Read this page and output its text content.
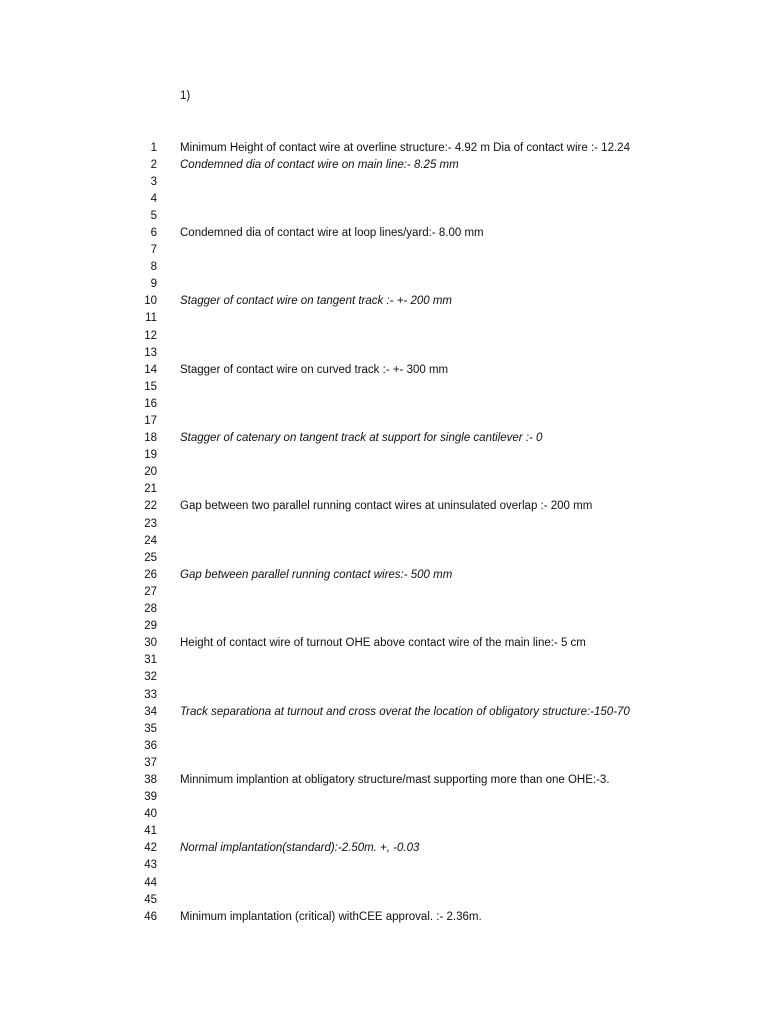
1)
1 Minimum Height of contact wire at overline structure:- 4.92 m Dia of contact wire :- 12.24
2 Condemned dia of contact wire on main line:- 8.25 mm
3
4
5
6 Condemned dia of contact wire at loop lines/yard:- 8.00 mm
7
8
9
10 Stagger of contact wire on tangent track :- +- 200 mm
11
12
13
14 Stagger of contact wire on curved track :- +- 300 mm
15
16
17
18 Stagger of catenary on tangent track at support for single cantilever :- 0
19
20
21
22 Gap between two parallel running contact wires at uninsulated overlap :- 200 mm
23
24
25
26 Gap between parallel running contact wires:- 500 mm
27
28
29
30 Height of contact wire of turnout OHE above contact wire of the main line:- 5 cm
31
32
33
34 Track separationa at turnout and cross overat the location of obligatory structure:-150-70
35
36
37
38 Minnimum implantion at obligatory structure/mast supporting more than one OHE:-3.
39
40
41
42 Normal implantation(standard):-2.50m. +, -0.03
43
44
45
46 Minimum implantation (critical) withCEE approval. :- 2.36m.
